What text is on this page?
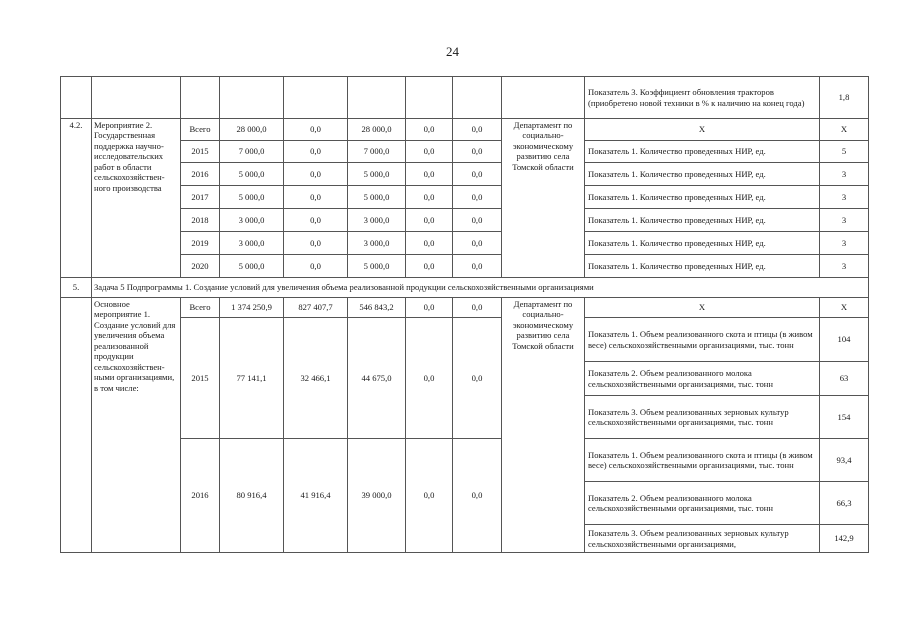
24
									Показатель 3. Коэффициент обновления тракторов (приобретено новой техники в % к наличию на конец года)	1,8
4.2.	Мероприятие 2. Государственная поддержка научно-исследовательских работ в области сельскохозяйствен-ного производства	Всего	28 000,0	0,0	28 000,0	0,0	0,0	Департамент по социально-экономическому развитию села Томской области	X	X
		2015	7 000,0	0,0	7 000,0	0,0	0,0		Показатель 1. Количество проведенных НИР, ед.	5
		2016	5 000,0	0,0	5 000,0	0,0	0,0		Показатель 1. Количество проведенных НИР, ед.	3
		2017	5 000,0	0,0	5 000,0	0,0	0,0		Показатель 1. Количество проведенных НИР, ед.	3
		2018	3 000,0	0,0	3 000,0	0,0	0,0		Показатель 1. Количество проведенных НИР, ед.	3
		2019	3 000,0	0,0	3 000,0	0,0	0,0		Показатель 1. Количество проведенных НИР, ед.	3
		2020	5 000,0	0,0	5 000,0	0,0	0,0		Показатель 1. Количество проведенных НИР, ед.	3
5.	Задача 5 Подпрограммы 1. Создание условий для увеличения объема реализованной продукции сельскохозяйственными организациями									
	Основное мероприятие 1. Создание условий для увеличения объема реализованной продукции сельскохозяйствен-ными организациями, в том числе:	Всего	1 374 250,9	827 407,7	546 843,2	0,0	0,0	Департамент по социально-экономическому развитию села Томской области	X	X
		2015	77 141,1	32 466,1	44 675,0	0,0	0,0		Показатель 1. Объем реализованного скота и птицы (в живом весе) сельскохозяйственными организациями, тыс. тонн	104
									Показатель 2. Объем реализованного молока сельскохозяйственными организациями, тыс. тонн	63
									Показатель 3. Объем реализованных зерновых культур сельскохозяйственными организациями, тыс. тонн	154
		2016	80 916,4	41 916,4	39 000,0	0,0	0,0		Показатель 1. Объем реализованного скота и птицы (в живом весе) сельскохозяйственными организациями, тыс. тонн	93,4
									Показатель 2. Объем реализованного молока сельскохозяйственными организациями, тыс. тонн	66,3
									Показатель 3. Объем реализованных зерновых культур сельскохозяйственными организациями,	142,9
